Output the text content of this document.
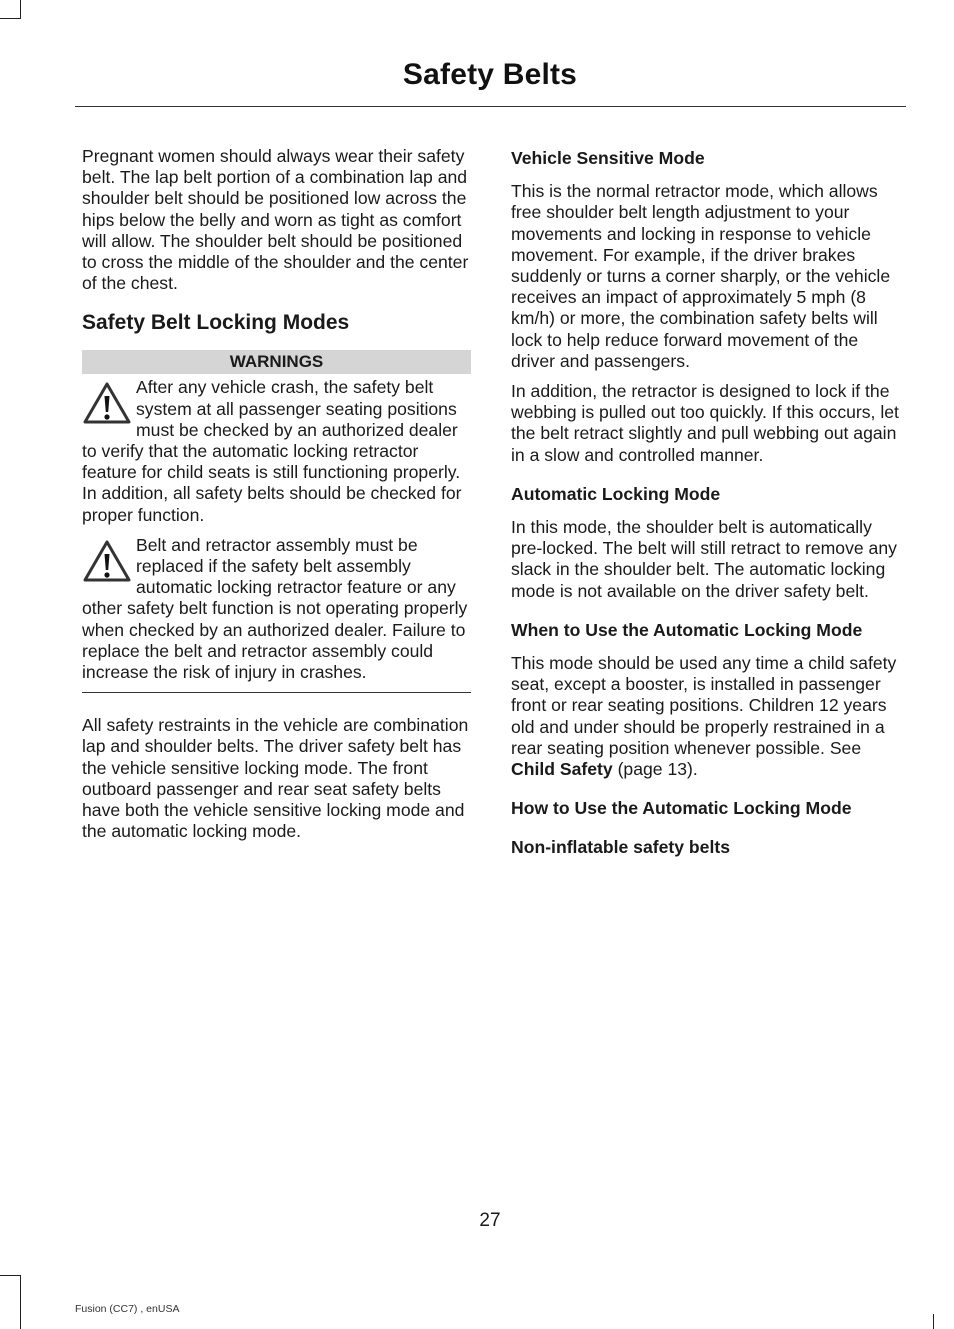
Safety Belts

Pregnant women should always wear their safety belt. The lap belt portion of a combination lap and shoulder belt should be positioned low across the hips below the belly and worn as tight as comfort will allow. The shoulder belt should be positioned to cross the middle of the shoulder and the center of the chest.

Safety Belt Locking Modes
WARNINGS
After any vehicle crash, the safety belt system at all passenger seating positions must be checked by an authorized dealer to verify that the automatic locking retractor feature for child seats is still functioning properly. In addition, all safety belts should be checked for proper function.
Belt and retractor assembly must be replaced if the safety belt assembly automatic locking retractor feature or any other safety belt function is not operating properly when checked by an authorized dealer. Failure to replace the belt and retractor assembly could increase the risk of injury in crashes.

All safety restraints in the vehicle are combination lap and shoulder belts. The driver safety belt has the vehicle sensitive locking mode. The front outboard passenger and rear seat safety belts have both the vehicle sensitive locking mode and the automatic locking mode.

Vehicle Sensitive Mode

This is the normal retractor mode, which allows free shoulder belt length adjustment to your movements and locking in response to vehicle movement. For example, if the driver brakes suddenly or turns a corner sharply, or the vehicle receives an impact of approximately 5 mph (8 km/h) or more, the combination safety belts will lock to help reduce forward movement of the driver and passengers.

In addition, the retractor is designed to lock if the webbing is pulled out too quickly. If this occurs, let the belt retract slightly and pull webbing out again in a slow and controlled manner.

Automatic Locking Mode

In this mode, the shoulder belt is automatically pre-locked. The belt will still retract to remove any slack in the shoulder belt. The automatic locking mode is not available on the driver safety belt.

When to Use the Automatic Locking Mode

This mode should be used any time a child safety seat, except a booster, is installed in passenger front or rear seating positions. Children 12 years old and under should be properly restrained in a rear seating position whenever possible. See Child Safety (page 13).

How to Use the Automatic Locking Mode
Non-inflatable safety belts
27
Fusion (CC7) , enUSA
